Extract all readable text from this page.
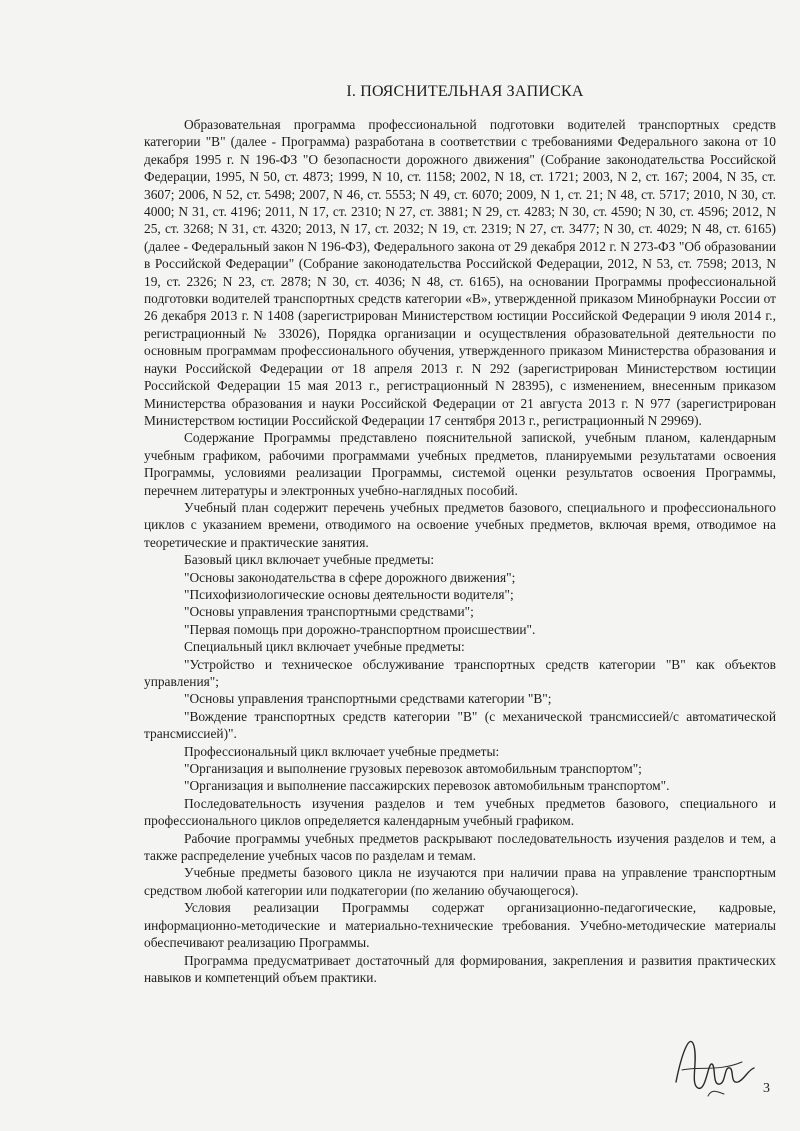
I. ПОЯСНИТЕЛЬНАЯ ЗАПИСКА

Образовательная программа профессиональной подготовки водителей транспортных средств категории "B" (далее - Программа) разработана в соответствии с требованиями Федерального закона от 10 декабря 1995 г. N 196-ФЗ "О безопасности дорожного движения" (Собрание законодательства Российской Федерации, 1995, N 50, ст. 4873; 1999, N 10, ст. 1158; 2002, N 18, ст. 1721; 2003, N 2, ст. 167; 2004, N 35, ст. 3607; 2006, N 52, ст. 5498; 2007, N 46, ст. 5553; N 49, ст. 6070; 2009, N 1, ст. 21; N 48, ст. 5717; 2010, N 30, ст. 4000; N 31, ст. 4196; 2011, N 17, ст. 2310; N 27, ст. 3881; N 29, ст. 4283; N 30, ст. 4590; N 30, ст. 4596; 2012, N 25, ст. 3268; N 31, ст. 4320; 2013, N 17, ст. 2032; N 19, ст. 2319; N 27, ст. 3477; N 30, ст. 4029; N 48, ст. 6165) (далее - Федеральный закон N 196-ФЗ), Федерального закона от 29 декабря 2012 г. N 273-ФЗ "Об образовании в Российской Федерации" (Собрание законодательства Российской Федерации, 2012, N 53, ст. 7598; 2013, N 19, ст. 2326; N 23, ст. 2878; N 30, ст. 4036; N 48, ст. 6165), на основании Программы профессиональной подготовки водителей транспортных средств категории «B», утвержденной приказом Минобрнауки России от 26 декабря 2013 г. N 1408 (зарегистрирован Министерством юстиции Российской Федерации 9 июля 2014 г., регистрационный № 33026), Порядка организации и осуществления образовательной деятельности по основным программам профессионального обучения, утвержденного приказом Министерства образования и науки Российской Федерации от 18 апреля 2013 г. N 292 (зарегистрирован Министерством юстиции Российской Федерации 15 мая 2013 г., регистрационный N 28395), с изменением, внесенным приказом Министерства образования и науки Российской Федерации от 21 августа 2013 г. N 977 (зарегистрирован Министерством юстиции Российской Федерации 17 сентября 2013 г., регистрационный N 29969).

Содержание Программы представлено пояснительной запиской, учебным планом, календарным учебным графиком, рабочими программами учебных предметов, планируемыми результатами освоения Программы, условиями реализации Программы, системой оценки результатов освоения Программы, перечнем литературы и электронных учебно-наглядных пособий.

Учебный план содержит перечень учебных предметов базового, специального и профессионального циклов с указанием времени, отводимого на освоение учебных предметов, включая время, отводимое на теоретические и практические занятия.

Базовый цикл включает учебные предметы:

"Основы законодательства в сфере дорожного движения";

"Психофизиологические основы деятельности водителя";

"Основы управления транспортными средствами";

"Первая помощь при дорожно-транспортном происшествии".

Специальный цикл включает учебные предметы:

"Устройство и техническое обслуживание транспортных средств категории "B" как объектов управления";

"Основы управления транспортными средствами категории "B";

"Вождение транспортных средств категории "B" (с механической трансмиссией/с автоматической трансмиссией)".

Профессиональный цикл включает учебные предметы:

"Организация и выполнение грузовых перевозок автомобильным транспортом";

"Организация и выполнение пассажирских перевозок автомобильным транспортом".

Последовательность изучения разделов и тем учебных предметов базового, специального и профессионального циклов определяется календарным учебный графиком.

Рабочие программы учебных предметов раскрывают последовательность изучения разделов и тем, а также распределение учебных часов по разделам и темам.

Учебные предметы базового цикла не изучаются при наличии права на управление транспортным средством любой категории или подкатегории (по желанию обучающегося).

Условия реализации Программы содержат организационно-педагогические, кадровые, информационно-методические и материально-технические требования. Учебно-методические материалы обеспечивают реализацию Программы.

Программа предусматривает достаточный для формирования, закрепления и развития практических навыков и компетенций объем практики.

3
